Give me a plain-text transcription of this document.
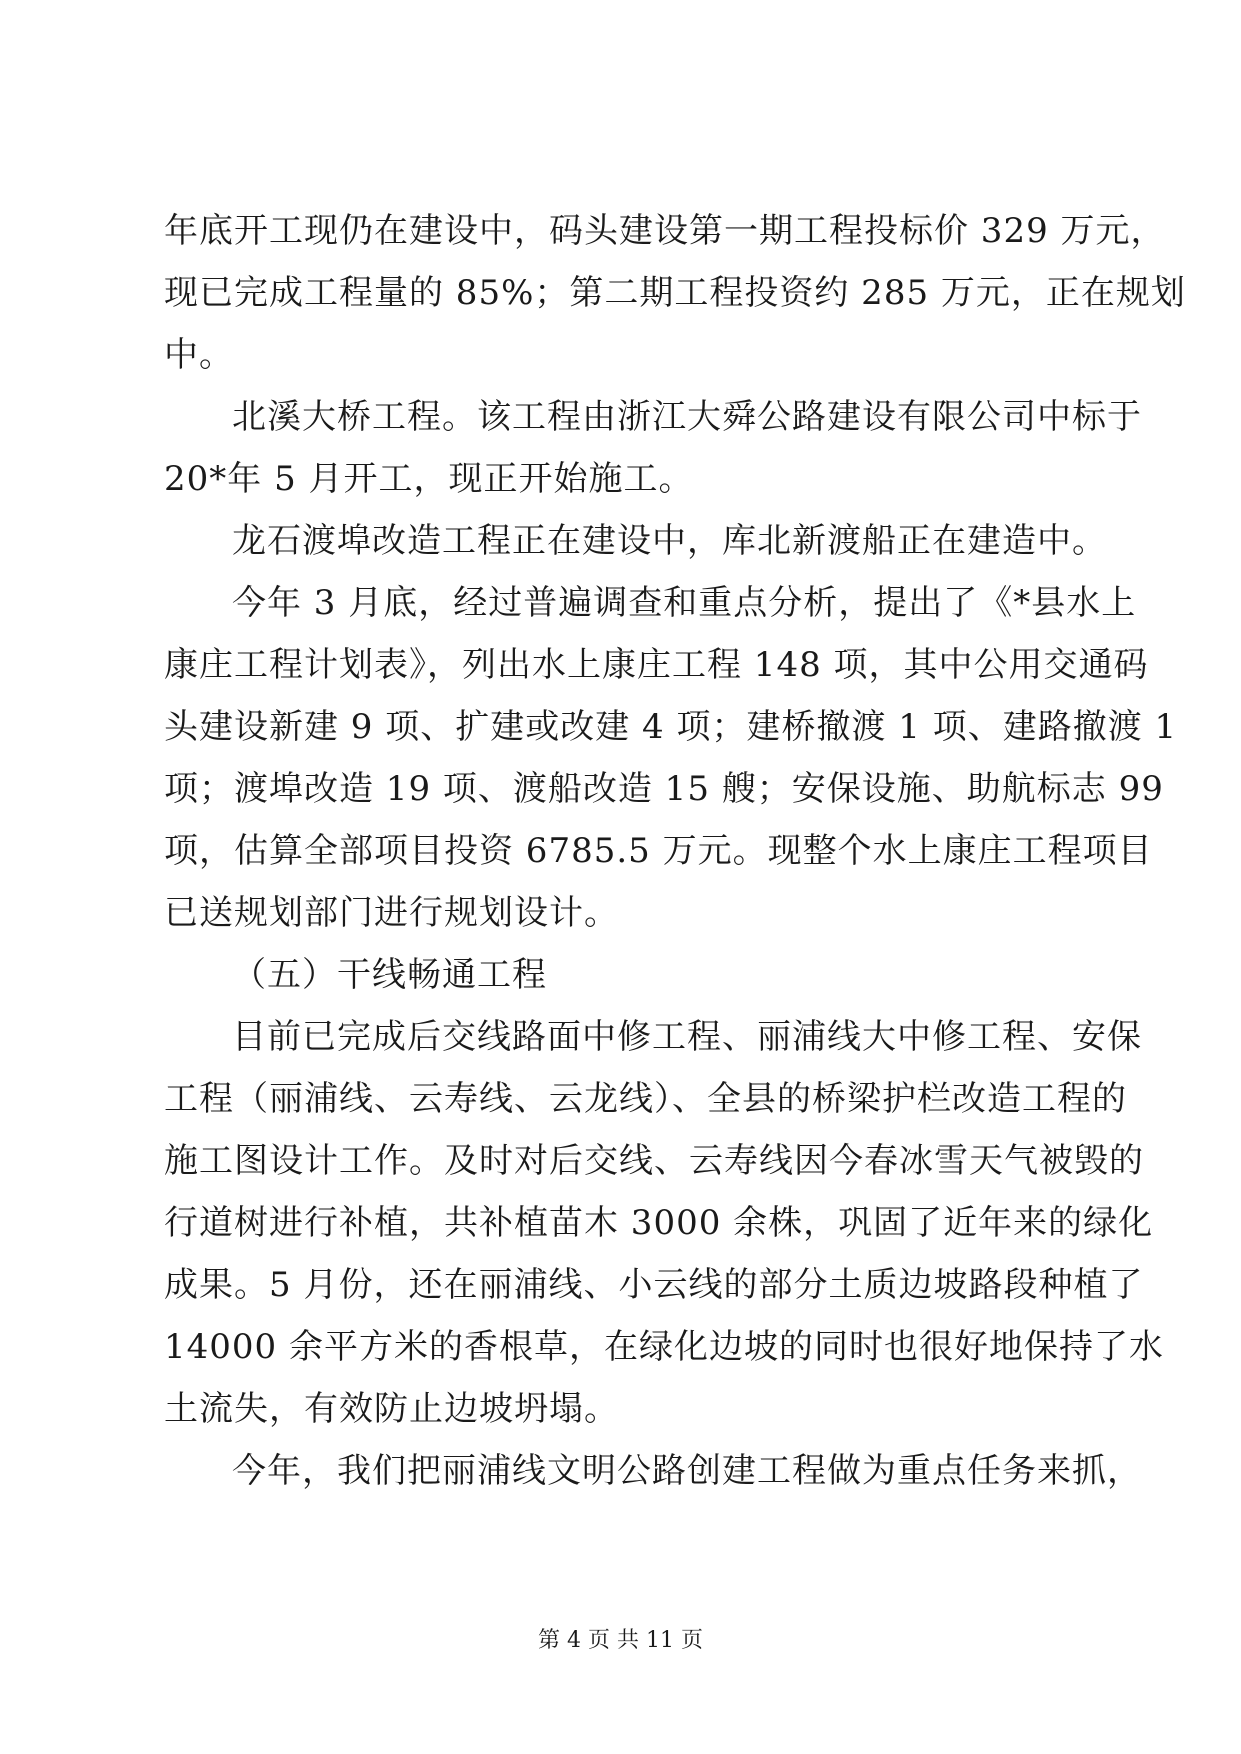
年底开工现仍在建设中，码头建设第一期工程投标价 329 万元，
现已完成工程量的 85%；第二期工程投资约 285 万元，正在规划
中。

北溪大桥工程。该工程由浙江大舜公路建设有限公司中标于
20*年 5 月开工，现正开始施工。

龙石渡埠改造工程正在建设中，库北新渡船正在建造中。

今年 3 月底，经过普遍调查和重点分析，提出了《*县水上
康庄工程计划表》，列出水上康庄工程 148 项，其中公用交通码
头建设新建 9 项、扩建或改建 4 项；建桥撤渡 1 项、建路撤渡 1
项；渡埠改造 19 项、渡船改造 15 艘；安保设施、助航标志 99
项，估算全部项目投资 6785.5 万元。现整个水上康庄工程项目
已送规划部门进行规划设计。

（五）干线畅通工程

目前已完成后交线路面中修工程、丽浦线大中修工程、安保
工程（丽浦线、云寿线、云龙线）、全县的桥梁护栏改造工程的
施工图设计工作。及时对后交线、云寿线因今春冰雪天气被毁的
行道树进行补植，共补植苗木 3000 余株，巩固了近年来的绿化
成果。5 月份，还在丽浦线、小云线的部分土质边坡路段种植了
14000 余平方米的香根草，在绿化边坡的同时也很好地保持了水
土流失，有效防止边坡坍塌。

今年，我们把丽浦线文明公路创建工程做为重点任务来抓，

第 4 页 共 11 页
